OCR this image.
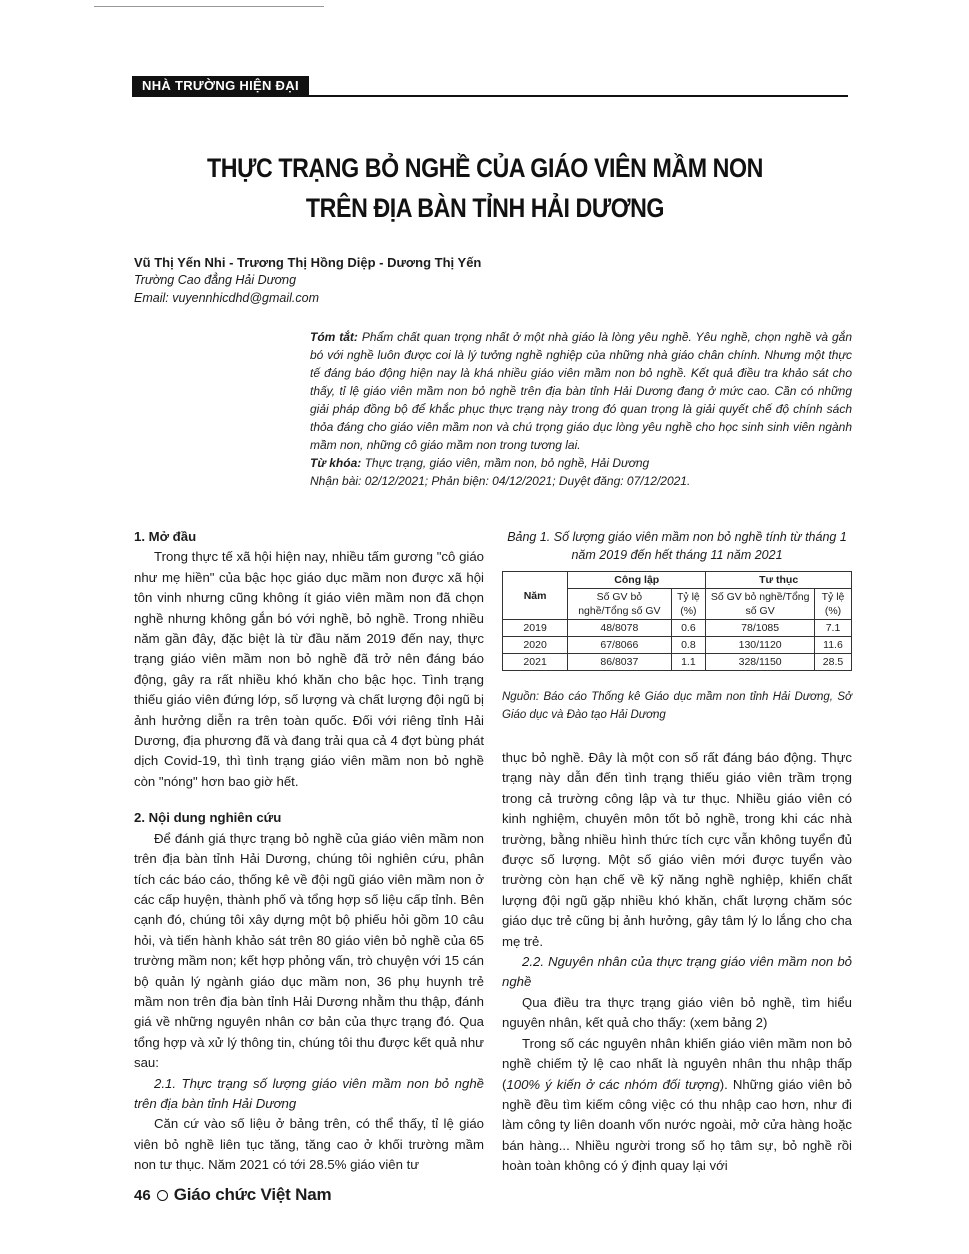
NHÀ TRƯỜNG HIỆN ĐẠI
THỰC TRẠNG BỎ NGHỀ CỦA GIÁO VIÊN MẦM NON
TRÊN ĐỊA BÀN TỈNH HẢI DƯƠNG
Vũ Thị Yến Nhi - Trương Thị Hồng Diệp - Dương Thị Yến
Trường Cao đẳng Hải Dương
Email: vuyennhicdhd@gmail.com

Tóm tắt: Phẩm chất quan trọng nhất ở một nhà giáo là lòng yêu nghề. Yêu nghề, chọn nghề và gắn bó với nghề luôn được coi là lý tưởng nghề nghiệp của những nhà giáo chân chính. Nhưng một thực tế đáng báo động hiện nay là khá nhiều giáo viên mầm non bỏ nghề. Kết quả điều tra khảo sát cho thấy, tỉ lệ giáo viên mầm non bỏ nghề trên địa bàn tỉnh Hải Dương đang ở mức cao. Cần có những giải pháp đồng bộ để khắc phục thực trạng này trong đó quan trọng là giải quyết chế độ chính sách thỏa đáng cho giáo viên mầm non và chú trọng giáo dục lòng yêu nghề cho học sinh sinh viên ngành mầm non, những cô giáo mầm non trong tương lai.

Từ khóa: Thực trạng, giáo viên, mầm non, bỏ nghề, Hải Dương

Nhận bài: 02/12/2021; Phản biện: 04/12/2021; Duyệt đăng: 07/12/2021.

1. Mở đầu

Trong thực tế xã hội hiện nay, nhiều tấm gương "cô giáo như mẹ hiền" của bậc học giáo dục mầm non được xã hội tôn vinh nhưng cũng không ít giáo viên mầm non đã chọn nghề nhưng không gắn bó với nghề, bỏ nghề. Trong nhiều năm gần đây, đặc biệt là từ đầu năm 2019 đến nay, thực trạng giáo viên mầm non bỏ nghề đã trở nên đáng báo động, gây ra rất nhiều khó khăn cho bậc học. Tình trạng thiếu giáo viên đứng lớp, số lượng và chất lượng đội ngũ bị ảnh hưởng diễn ra trên toàn quốc. Đối với riêng tỉnh Hải Dương, địa phương đã và đang trải qua cả 4 đợt bùng phát dịch Covid-19, thì tình trạng giáo viên mầm non bỏ nghề còn "nóng" hơn bao giờ hết.

2. Nội dung nghiên cứu

Để đánh giá thực trạng bỏ nghề của giáo viên mầm non trên địa bàn tỉnh Hải Dương, chúng tôi nghiên cứu, phân tích các báo cáo, thống kê về đội ngũ giáo viên mầm non ở các cấp huyện, thành phố và tổng hợp số liệu cấp tỉnh. Bên cạnh đó, chúng tôi xây dựng một bộ phiếu hỏi gồm 10 câu hỏi, và tiến hành khảo sát trên 80 giáo viên bỏ nghề của 65 trường mầm non; kết hợp phỏng vấn, trò chuyện với 15 cán bộ quản lý ngành giáo dục mầm non, 36 phụ huynh trẻ mầm non trên địa bàn tỉnh Hải Dương nhằm thu thập, đánh giá về những nguyên nhân cơ bản của thực trạng đó. Qua tổng hợp và xử lý thông tin, chúng tôi thu được kết quả như sau:

2.1. Thực trạng số lượng giáo viên mầm non bỏ nghề trên địa bàn tỉnh Hải Dương

Căn cứ vào số liệu ở bảng trên, có thể thấy, tỉ lệ giáo viên bỏ nghề liên tục tăng, tăng cao ở khối trường mầm non tư thục. Năm 2021 có tới 28.5% giáo viên tư

Bảng 1. Số lượng giáo viên mầm non bỏ nghề tính từ tháng 1 năm 2019 đến hết tháng 11 năm 2021
Năm	Công lập		Tư thục	
	Số GV bỏ nghề/Tổng số GV	Tỷ lệ (%)	Số GV bỏ nghề/Tổng số GV	Tỷ lệ (%)
2019	48/8078	0.6	78/1085	7.1
2020	67/8066	0.8	130/1120	11.6
2021	86/8037	1.1	328/1150	28.5
Nguồn: Báo cáo Thống kê Giáo dục mầm non tỉnh Hải Dương, Sở Giáo dục và Đào tạo Hải Dương

thục bỏ nghề. Đây là một con số rất đáng báo động. Thực trạng này dẫn đến tình trạng thiếu giáo viên trầm trọng trong cả trường công lập và tư thục. Nhiều giáo viên có kinh nghiệm, chuyên môn tốt bỏ nghề, trong khi các nhà trường, bằng nhiều hình thức tích cực vẫn không tuyển đủ được số lượng. Một số giáo viên mới được tuyển vào trường còn hạn chế về kỹ năng nghề nghiệp, khiến chất lượng đội ngũ gặp nhiều khó khăn, chất lượng chăm sóc giáo dục trẻ cũng bị ảnh hưởng, gây tâm lý lo lắng cho cha mẹ trẻ.

2.2. Nguyên nhân của thực trạng giáo viên mầm non bỏ nghề

Qua điều tra thực trạng giáo viên bỏ nghề, tìm hiểu nguyên nhân, kết quả cho thấy: (xem bảng 2)

Trong số các nguyên nhân khiến giáo viên mầm non bỏ nghề chiếm tỷ lệ cao nhất là nguyên nhân thu nhập thấp (100% ý kiến ở các nhóm đối tượng). Những giáo viên bỏ nghề đều tìm kiếm công việc có thu nhập cao hơn, như đi làm công ty liên doanh vốn nước ngoài, mở cửa hàng hoặc bán hàng... Nhiều người trong số họ tâm sự, bỏ nghề rồi hoàn toàn không có ý định quay lại với

46 Giáo chức Việt Nam
